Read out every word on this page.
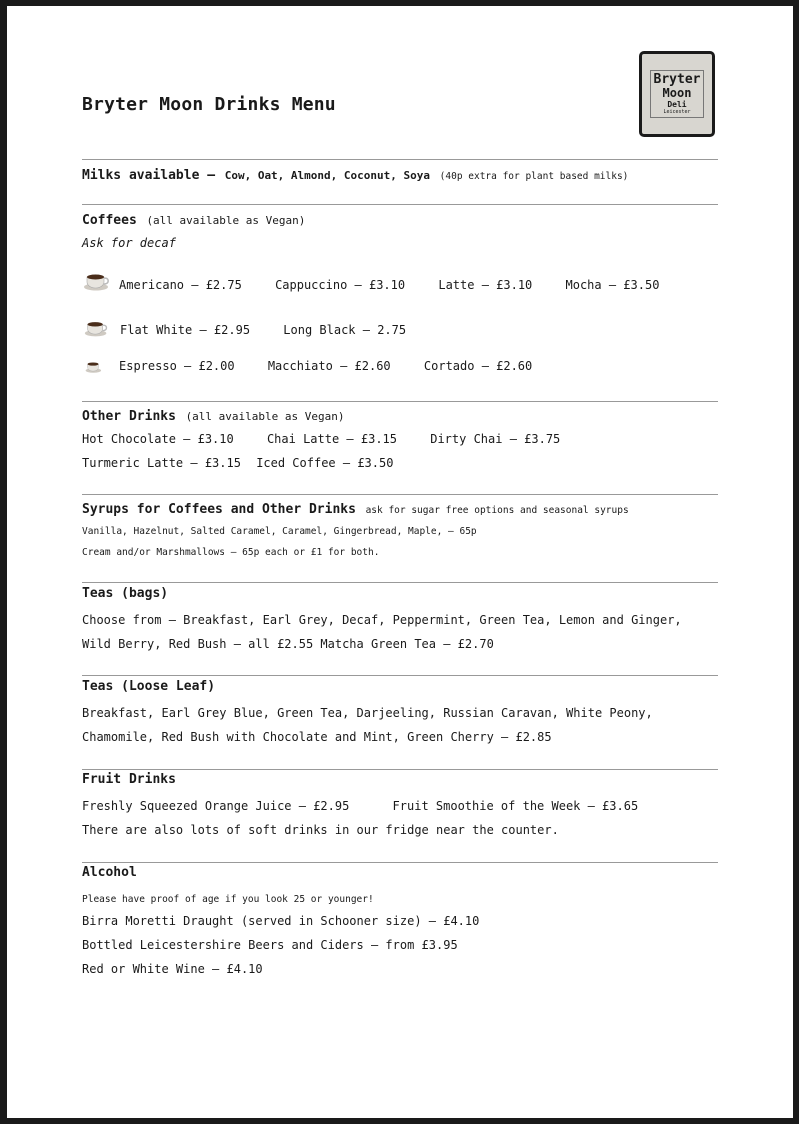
Bryter Moon Drinks Menu
Bryter
Moon
Deli
Leicester
Milks available – Cow, Oat, Almond, Coconut, Soya (40p extra for plant based milks)
Coffees (all available as Vegan)
Ask for decaf
Americano – £2.75	Cappuccino – £3.10	Latte – £3.10	Mocha – £3.50
Flat White – £2.95	Long Black – 2.75
Espresso – £2.00	Macchiato – £2.60	Cortado – £2.60
Other Drinks (all available as Vegan)
Hot Chocolate – £3.10	Chai Latte – £3.15	Dirty Chai – £3.75
Turmeric Latte – £3.15 Iced Coffee – £3.50
Syrups for Coffees and Other Drinks ask for sugar free options and seasonal syrups
Vanilla, Hazelnut, Salted Caramel, Caramel, Gingerbread, Maple, – 65p
Cream and/or Marshmallows – 65p each or £1 for both.
Teas (bags)
Choose from – Breakfast, Earl Grey, Decaf, Peppermint, Green Tea, Lemon and Ginger,
Wild Berry, Red Bush – all £2.55 Matcha Green Tea – £2.70
Teas (Loose Leaf)
Breakfast, Earl Grey Blue, Green Tea, Darjeeling, Russian Caravan, White Peony,
Chamomile, Red Bush with Chocolate and Mint, Green Cherry – £2.85
Fruit Drinks
Freshly Squeezed Orange Juice – £2.95	Fruit Smoothie of the Week – £3.65
There are also lots of soft drinks in our fridge near the counter.
Alcohol
Please have proof of age if you look 25 or younger!
Birra Moretti Draught (served in Schooner size) – £4.10
Bottled Leicestershire Beers and Ciders – from £3.95
Red or White Wine – £4.10
